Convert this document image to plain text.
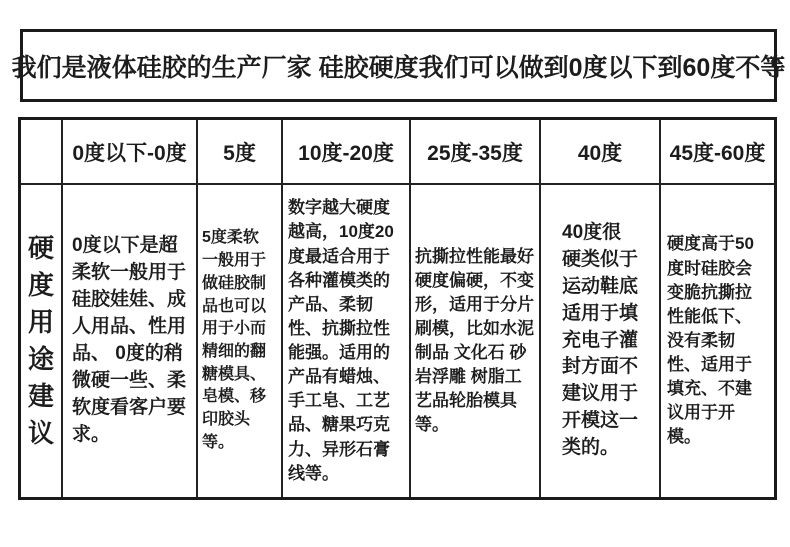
我们是液体硅胶的生产厂家 硅胶硬度我们可以做到0度以下到60度不等
0度以下-0度 5度 10度-20度 25度-35度	40度 45度-60度
硬度用途建议
0度以下是超柔软一般用于硅胶娃娃、成人用品、性用品、 0度的稍微硬一些、柔软度看客户要求。
5度柔软 一般用于做硅胶制品也可以用于小而精细的翻糖模具、皂模、移印胶头等。
数字越大硬度越高，10度20度最适合用于各种灌模类的产品、柔韧性、抗撕拉性能强。适用的产品有蜡烛、手工皂、工艺品、糖果巧克力、异形石膏线等。
抗撕拉性能最好硬度偏硬，不变形，适用于分片刷模，比如水泥制品 文化石 砂岩浮雕 树脂工艺品轮胎模具等。
40度很硬类似于运动鞋底适用于填充电子灌封方面不建议用于开模这一类的。
硬度高于50度时硅胶会变脆抗撕拉性能低下、没有柔韧性、适用于填充、不建议用于开模。
